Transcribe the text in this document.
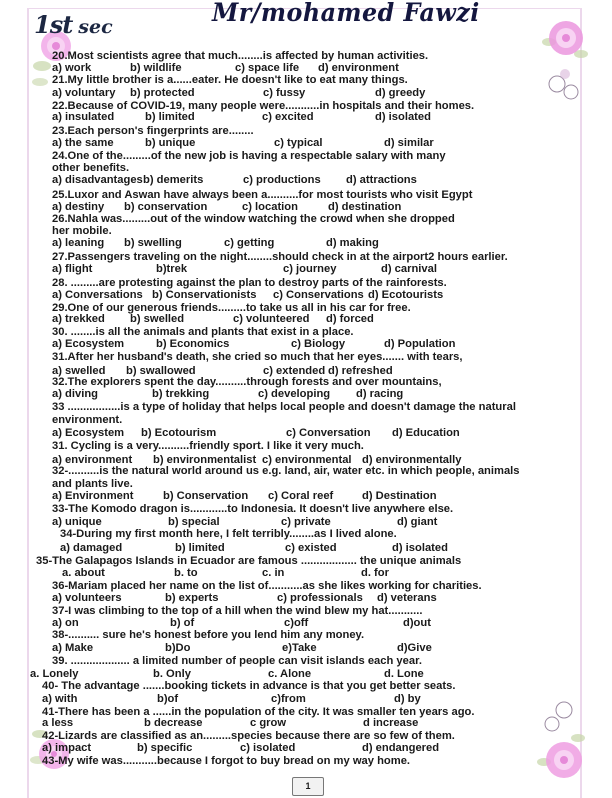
1st sec	Mr/mohamed Fawzi
20.Most scientists agree that much........is affected by human activities.
a) work	b) wildlife	c) space life d) environment
21.My little brother is a......eater. He doesn't like to eat many things.
a) voluntary b) protected	c) fussy	d) greedy
22.Because of COVID-19, many people were...........in hospitals and their homes.
a) insulated	b) limited	c) excited	d) isolated
23.Each person's fingerprints are........
a) the same	b) unique	c) typical	d) similar
24.One of the.........of the new job is having a respectable salary with many
other benefits.
a) disadvantages b) demerits	c) productions d) attractions
25.Luxor and Aswan have always been a..........for most tourists who visit Egypt
a) destiny b) conservation	c) location	d) destination
26.Nahla was.........out of the window watching the crowd when she dropped
her mobile.
a) leaning b) swelling	c) getting	d) making
27.Passengers traveling on the night........should check in at the airport2 hours earlier.
a) flight	b)trek	c) journey	d) carnival
28. .........are protesting against the plan to destroy parts of the rainforests.
a) Conversations b) Conservationists c) Conservations d) Ecotourists
29.One of our generous friends.........to take us all in his car for free.
a) trekked b) swelled	c) volunteered d) forced
30. ........is all the animals and plants that exist in a place.
a) Ecosystem	b) Economics	c) Biology	d) Population
31.After her husband's death, she cried so much that her eyes....... with tears,
a) swelled b) swallowed	c) extended d) refreshed
32.The explorers spent the day..........through forests and over mountains,
a) diving	b) trekking	c) developing d) racing
33 .................is a type of holiday that helps local people and doesn't damage the natural
environment.
a) Ecosystem b) Ecotourism	c) Conversation d) Education
31. Cycling is a very..........friendly sport. I like it very much.
a) environment b) environmentalist c) environmental d) environmentally
32-..........is the natural world around us e.g. land, air, water etc. in which people, animals
and plants live.
a) Environment	b) Conservation c) Coral reef	d) Destination
33-The Komodo dragon is............to Indonesia. It doesn't live anywhere else.
a) unique	b) special	c) private	d) giant
34-During my first month here, I felt terribly........as I lived alone.
a) damaged	b) limited	c) existed	d) isolated
35-The Galapagos Islands in Ecuador are famous .................. the unique animals
a. about	b. to	c. in	d. for
36-Mariam placed her name on the list of...........as she likes working for charities.
a) volunteers	b) experts	c) professionals d) veterans
37-I was climbing to the top of a hill when the wind blew my hat...........
a) on	b) of	c)off	d)out
38-.......... sure he's honest before you lend him any money.
a) Make	b)Do	e)Take	d)Give
39. ................... a limited number of people can visit islands each year.
a. Lonely	b. Only	c. Alone	d. Lone
40- The advantage .......booking tickets in advance is that you get better seats.
a) with	b)of	c)from	d) by
41-There has been a ......in the population of the city. It was smaller ten years ago.
a less	b decrease	c grow	d increase
42-Lizards are classified as an.........species because there are so few of them.
a) impact	b) specific	c) isolated	d) endangered
43-My wife was...........because I forgot to buy bread on my way home.
1
